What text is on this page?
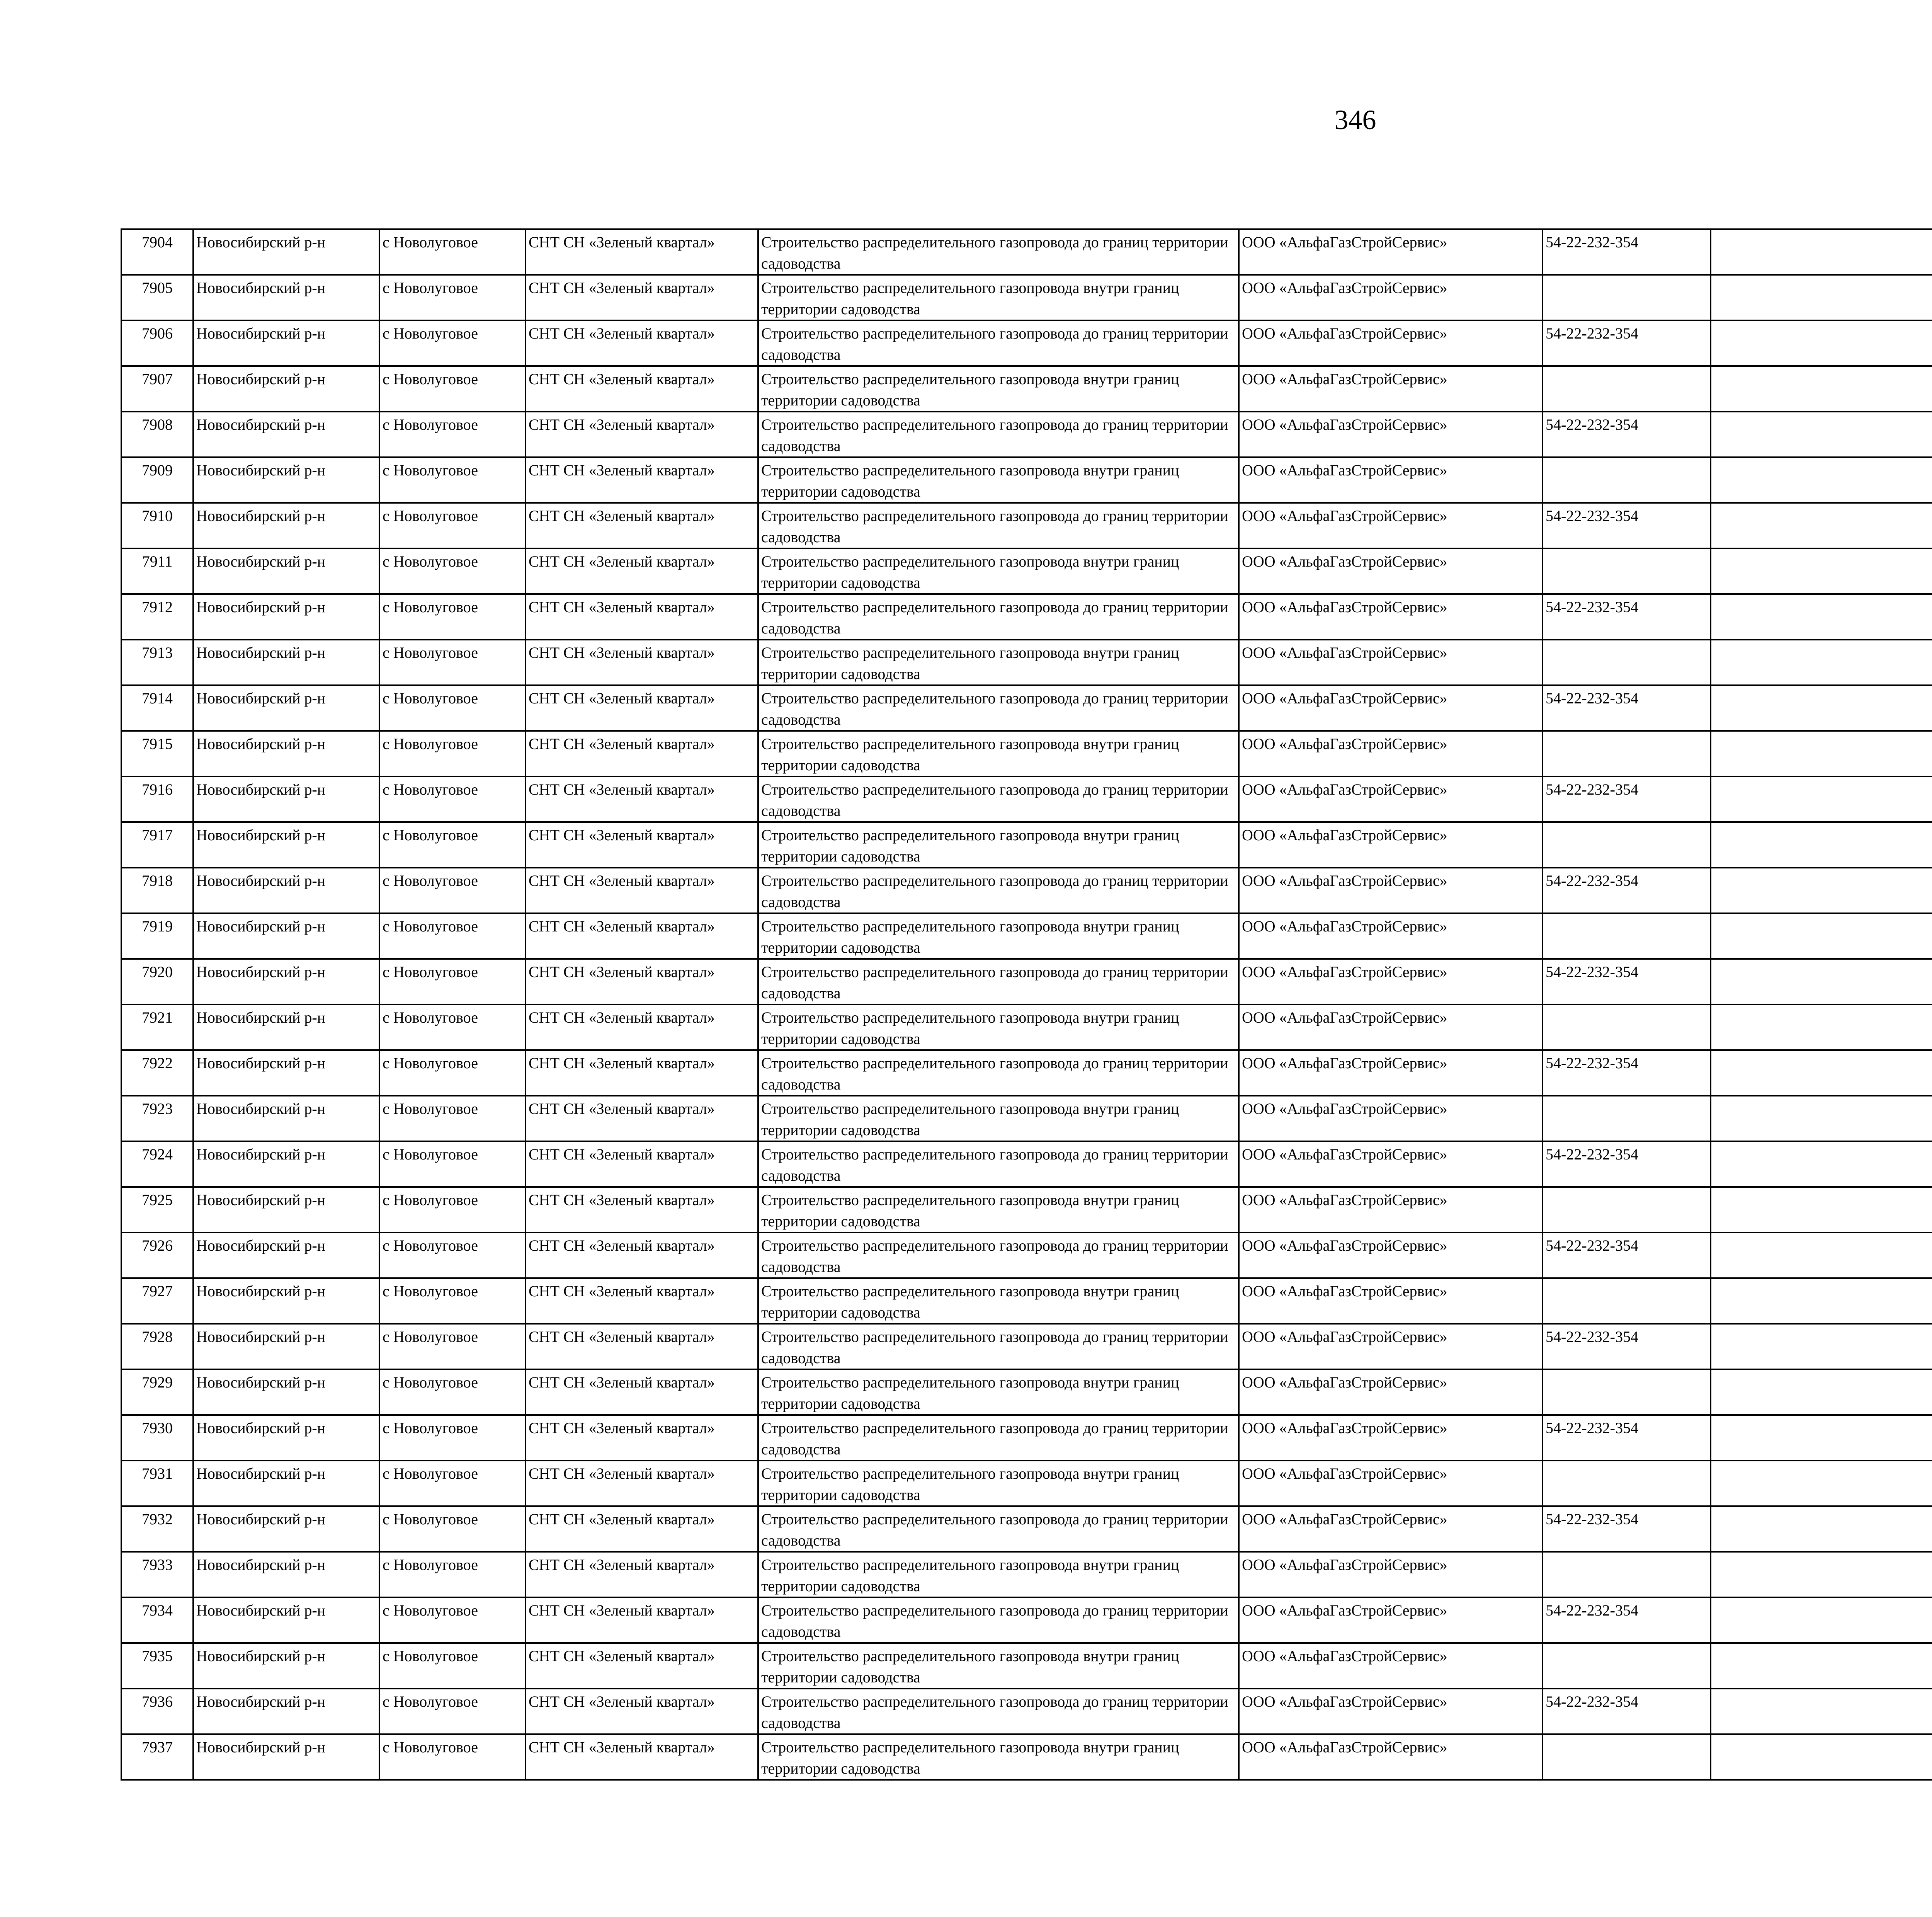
346
7904	Новосибирский р-н	с Новолуговое	СНТ СН «Зеленый квартал»	Строительство распределительного газопровода до границ территории садоводства	ООО «АльфаГазСтройСервис»	54-22-232-354						
7905	Новосибирский р-н	с Новолуговое	СНТ СН «Зеленый квартал»	Строительство распределительного газопровода внутри границ территории садоводства	ООО «АльфаГазСтройСервис»							
7906	Новосибирский р-н	с Новолуговое	СНТ СН «Зеленый квартал»	Строительство распределительного газопровода до границ территории садоводства	ООО «АльфаГазСтройСервис»	54-22-232-354						
7907	Новосибирский р-н	с Новолуговое	СНТ СН «Зеленый квартал»	Строительство распределительного газопровода внутри границ территории садоводства	ООО «АльфаГазСтройСервис»							
7908	Новосибирский р-н	с Новолуговое	СНТ СН «Зеленый квартал»	Строительство распределительного газопровода до границ территории садоводства	ООО «АльфаГазСтройСервис»	54-22-232-354						
7909	Новосибирский р-н	с Новолуговое	СНТ СН «Зеленый квартал»	Строительство распределительного газопровода внутри границ территории садоводства	ООО «АльфаГазСтройСервис»							
7910	Новосибирский р-н	с Новолуговое	СНТ СН «Зеленый квартал»	Строительство распределительного газопровода до границ территории садоводства	ООО «АльфаГазСтройСервис»	54-22-232-354						
7911	Новосибирский р-н	с Новолуговое	СНТ СН «Зеленый квартал»	Строительство распределительного газопровода внутри границ территории садоводства	ООО «АльфаГазСтройСервис»							
7912	Новосибирский р-н	с Новолуговое	СНТ СН «Зеленый квартал»	Строительство распределительного газопровода до границ территории садоводства	ООО «АльфаГазСтройСервис»	54-22-232-354						
7913	Новосибирский р-н	с Новолуговое	СНТ СН «Зеленый квартал»	Строительство распределительного газопровода внутри границ территории садоводства	ООО «АльфаГазСтройСервис»							
7914	Новосибирский р-н	с Новолуговое	СНТ СН «Зеленый квартал»	Строительство распределительного газопровода до границ территории садоводства	ООО «АльфаГазСтройСервис»	54-22-232-354						
7915	Новосибирский р-н	с Новолуговое	СНТ СН «Зеленый квартал»	Строительство распределительного газопровода внутри границ территории садоводства	ООО «АльфаГазСтройСервис»							
7916	Новосибирский р-н	с Новолуговое	СНТ СН «Зеленый квартал»	Строительство распределительного газопровода до границ территории садоводства	ООО «АльфаГазСтройСервис»	54-22-232-354						
7917	Новосибирский р-н	с Новолуговое	СНТ СН «Зеленый квартал»	Строительство распределительного газопровода внутри границ территории садоводства	ООО «АльфаГазСтройСервис»							
7918	Новосибирский р-н	с Новолуговое	СНТ СН «Зеленый квартал»	Строительство распределительного газопровода до границ территории садоводства	ООО «АльфаГазСтройСервис»	54-22-232-354						
7919	Новосибирский р-н	с Новолуговое	СНТ СН «Зеленый квартал»	Строительство распределительного газопровода внутри границ территории садоводства	ООО «АльфаГазСтройСервис»							
7920	Новосибирский р-н	с Новолуговое	СНТ СН «Зеленый квартал»	Строительство распределительного газопровода до границ территории садоводства	ООО «АльфаГазСтройСервис»	54-22-232-354						
7921	Новосибирский р-н	с Новолуговое	СНТ СН «Зеленый квартал»	Строительство распределительного газопровода внутри границ территории садоводства	ООО «АльфаГазСтройСервис»							
7922	Новосибирский р-н	с Новолуговое	СНТ СН «Зеленый квартал»	Строительство распределительного газопровода до границ территории садоводства	ООО «АльфаГазСтройСервис»	54-22-232-354						
7923	Новосибирский р-н	с Новолуговое	СНТ СН «Зеленый квартал»	Строительство распределительного газопровода внутри границ территории садоводства	ООО «АльфаГазСтройСервис»							
7924	Новосибирский р-н	с Новолуговое	СНТ СН «Зеленый квартал»	Строительство распределительного газопровода до границ территории садоводства	ООО «АльфаГазСтройСервис»	54-22-232-354						
7925	Новосибирский р-н	с Новолуговое	СНТ СН «Зеленый квартал»	Строительство распределительного газопровода внутри границ территории садоводства	ООО «АльфаГазСтройСервис»							
7926	Новосибирский р-н	с Новолуговое	СНТ СН «Зеленый квартал»	Строительство распределительного газопровода до границ территории садоводства	ООО «АльфаГазСтройСервис»	54-22-232-354						
7927	Новосибирский р-н	с Новолуговое	СНТ СН «Зеленый квартал»	Строительство распределительного газопровода внутри границ территории садоводства	ООО «АльфаГазСтройСервис»							
7928	Новосибирский р-н	с Новолуговое	СНТ СН «Зеленый квартал»	Строительство распределительного газопровода до границ территории садоводства	ООО «АльфаГазСтройСервис»	54-22-232-354						
7929	Новосибирский р-н	с Новолуговое	СНТ СН «Зеленый квартал»	Строительство распределительного газопровода внутри границ территории садоводства	ООО «АльфаГазСтройСервис»							
7930	Новосибирский р-н	с Новолуговое	СНТ СН «Зеленый квартал»	Строительство распределительного газопровода до границ территории садоводства	ООО «АльфаГазСтройСервис»	54-22-232-354						
7931	Новосибирский р-н	с Новолуговое	СНТ СН «Зеленый квартал»	Строительство распределительного газопровода внутри границ территории садоводства	ООО «АльфаГазСтройСервис»							
7932	Новосибирский р-н	с Новолуговое	СНТ СН «Зеленый квартал»	Строительство распределительного газопровода до границ территории садоводства	ООО «АльфаГазСтройСервис»	54-22-232-354						
7933	Новосибирский р-н	с Новолуговое	СНТ СН «Зеленый квартал»	Строительство распределительного газопровода внутри границ территории садоводства	ООО «АльфаГазСтройСервис»							
7934	Новосибирский р-н	с Новолуговое	СНТ СН «Зеленый квартал»	Строительство распределительного газопровода до границ территории садоводства	ООО «АльфаГазСтройСервис»	54-22-232-354						
7935	Новосибирский р-н	с Новолуговое	СНТ СН «Зеленый квартал»	Строительство распределительного газопровода внутри границ территории садоводства	ООО «АльфаГазСтройСервис»							
7936	Новосибирский р-н	с Новолуговое	СНТ СН «Зеленый квартал»	Строительство распределительного газопровода до границ территории садоводства	ООО «АльфаГазСтройСервис»	54-22-232-354						
7937	Новосибирский р-н	с Новолуговое	СНТ СН «Зеленый квартал»	Строительство распределительного газопровода внутри границ территории садоводства	ООО «АльфаГазСтройСервис»							
